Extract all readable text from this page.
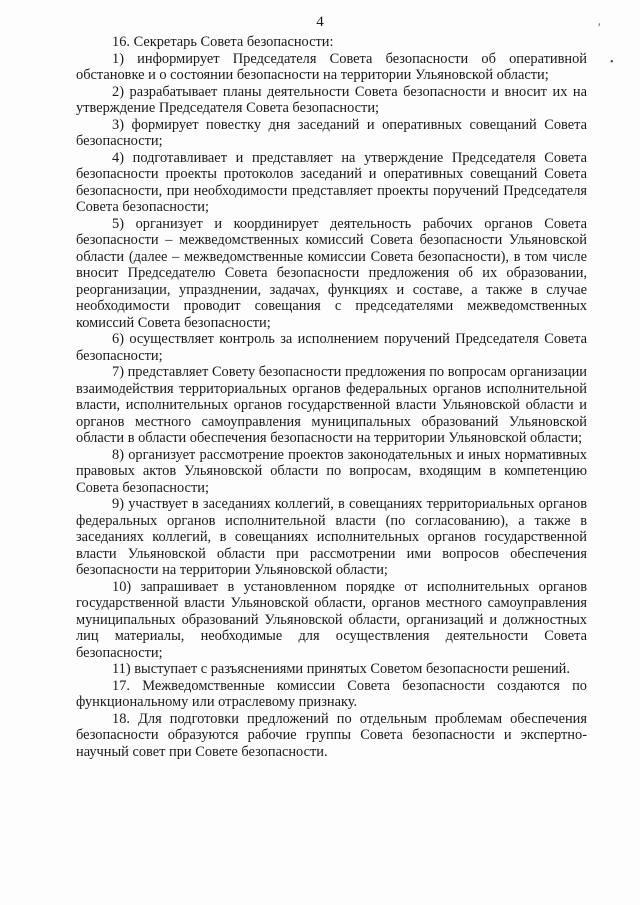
4	′
•

16. Секретарь Совета безопасности:

1) информирует Председателя Совета безопасности об оперативной обстановке и о состоянии безопасности на территории Ульяновской области;

2) разрабатывает планы деятельности Совета безопасности и вносит их на утверждение Председателя Совета безопасности;

3) формирует повестку дня заседаний и оперативных совещаний Совета безопасности;

4) подготавливает и представляет на утверждение Председателя Совета безопасности проекты протоколов заседаний и оперативных совещаний Совета безопасности, при необходимости представляет проекты поручений Председателя Совета безопасности;

5) организует и координирует деятельность рабочих органов Совета безопасности – межведомственных комиссий Совета безопасности Ульяновской области (далее – межведомственные комиссии Совета безопасности), в том числе вносит Председателю Совета безопасности предложения об их образовании, реорганизации, упразднении, задачах, функциях и составе, а также в случае необходимости проводит совещания с председателями межведомственных комиссий Совета безопасности;

6) осуществляет контроль за исполнением поручений Председателя Совета безопасности;

7) представляет Совету безопасности предложения по вопросам организации взаимодействия территориальных органов федеральных органов исполнительной власти, исполнительных органов государственной власти Ульяновской области и органов местного самоуправления муниципальных образований Ульяновской области в области обеспечения безопасности на территории Ульяновской области;

8) организует рассмотрение проектов законодательных и иных нормативных правовых актов Ульяновской области по вопросам, входящим в компетенцию Совета безопасности;

9) участвует в заседаниях коллегий, в совещаниях территориальных органов федеральных органов исполнительной власти (по согласованию), а также в заседаниях коллегий, в совещаниях исполнительных органов государственной власти Ульяновской области при рассмотрении ими вопросов обеспечения безопасности на территории Ульяновской области;

10) запрашивает в установленном порядке от исполнительных органов государственной власти Ульяновской области, органов местного самоуправления муниципальных образований Ульяновской области, организаций и должностных лиц материалы, необходимые для осуществления деятельности Совета безопасности;

11) выступает с разъяснениями принятых Советом безопасности решений.

17. Межведомственные комиссии Совета безопасности создаются по функциональному или отраслевому признаку.

18. Для подготовки предложений по отдельным проблемам обеспечения безопасности образуются рабочие группы Совета безопасности и экспертно-научный совет при Совете безопасности.
